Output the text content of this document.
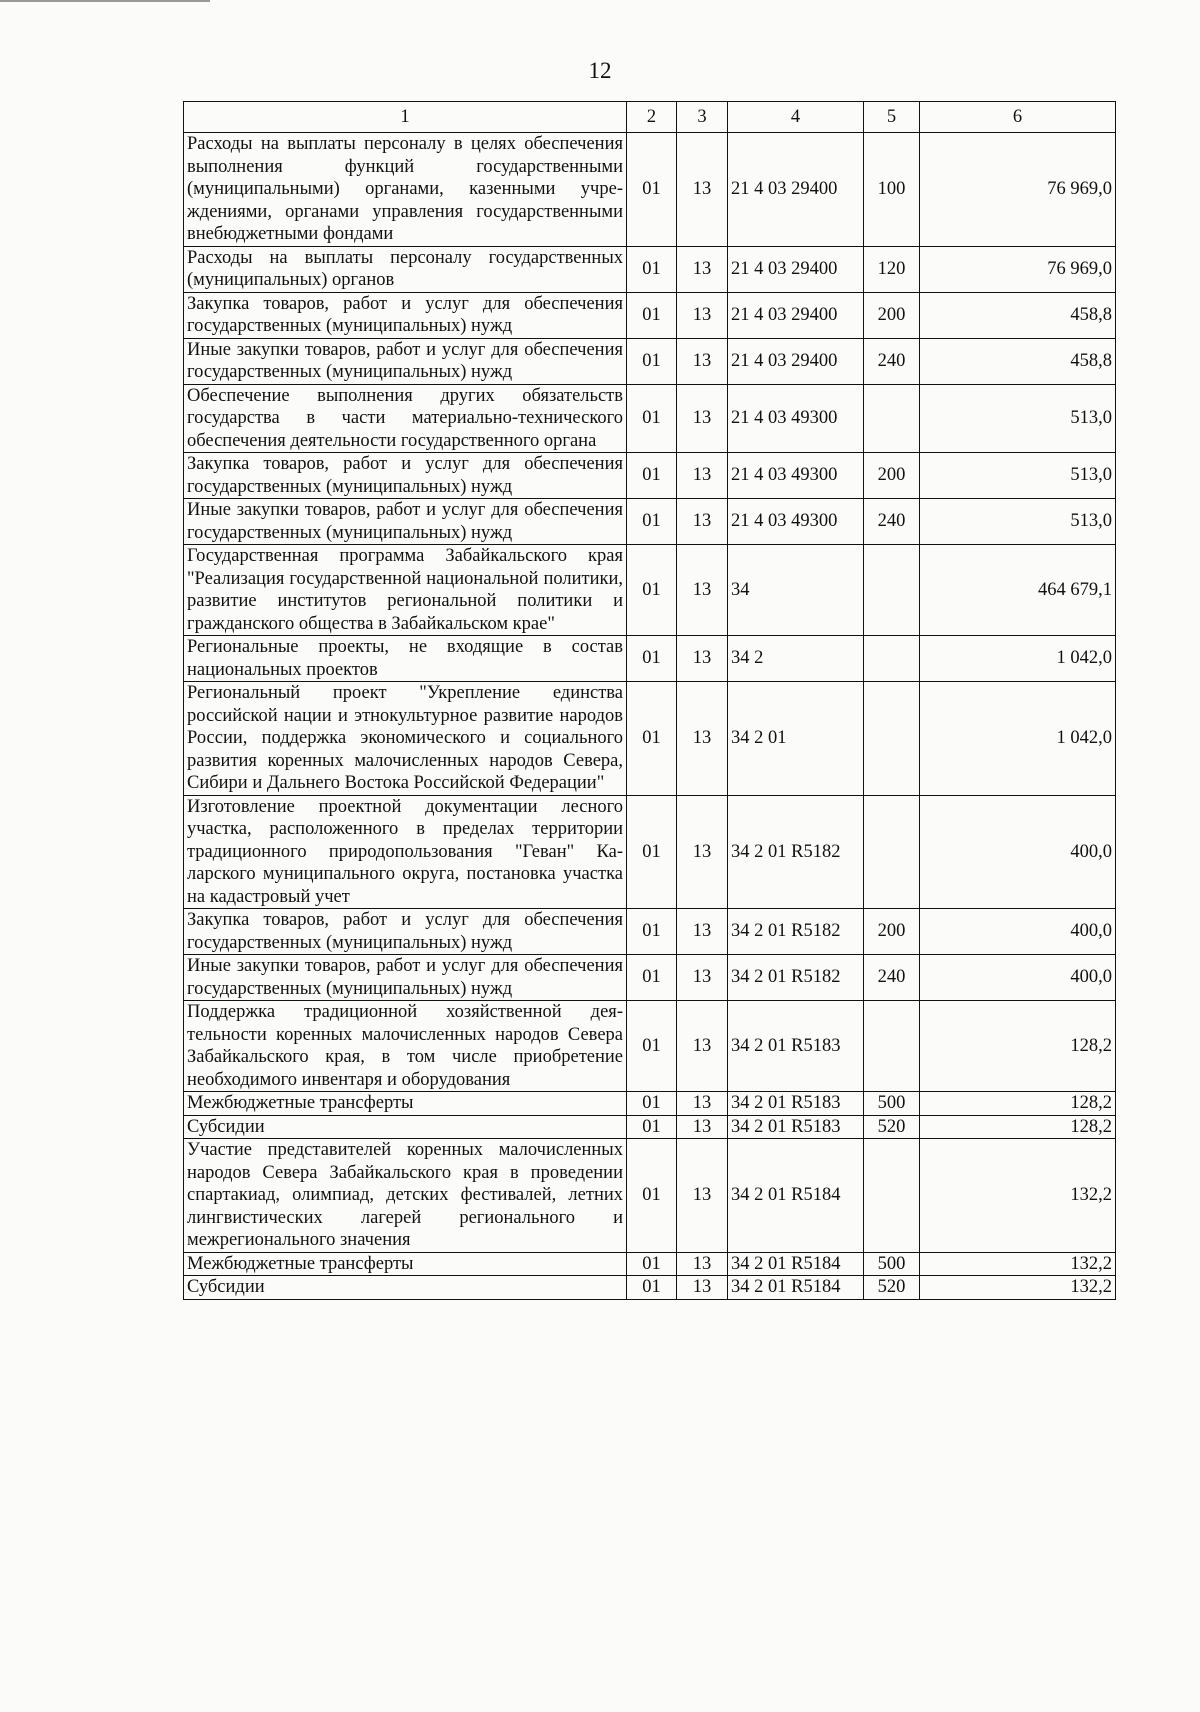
12
1	2	3	4	5	6
Расходы на выплаты персоналу в целях обеспечения выполнения функций государственными (муниципальными) органами, казенными учреждениями, органами управления государственными внебюджетными фондами	01	13	21 4 03 29400	100	76 969,0
Расходы на выплаты персоналу государственных (муниципальных) органов	01	13	21 4 03 29400	120	76 969,0
Закупка товаров, работ и услуг для обеспечения государственных (муниципальных) нужд	01	13	21 4 03 29400	200	458,8
Иные закупки товаров, работ и услуг для обеспечения государственных (муниципальных) нужд	01	13	21 4 03 29400	240	458,8
Обеспечение выполнения других обязательств государства в части материально-технического обеспечения деятельности государственного органа	01	13	21 4 03 49300		513,0
Закупка товаров, работ и услуг для обеспечения государственных (муниципальных) нужд	01	13	21 4 03 49300	200	513,0
Иные закупки товаров, работ и услуг для обеспечения государственных (муниципальных) нужд	01	13	21 4 03 49300	240	513,0
Государственная программа Забайкальского края "Реализация государственной национальной политики, развитие институтов региональной политики и гражданского общества в Забайкальском крае"	01	13	34		464 679,1
Региональные проекты, не входящие в состав национальных проектов	01	13	34 2		1 042,0
Региональный проект "Укрепление единства российской нации и этнокультурное развитие народов России, поддержка экономического и социального развития коренных малочисленных народов Севера, Сибири и Дальнего Востока Российской Федерации"	01	13	34 2 01		1 042,0
Изготовление проектной документации лесного участка, расположенного в пределах территории традиционного природопользования "Геван" Каларского муниципального округа, постановка участка на кадастровый учет	01	13	34 2 01 R5182		400,0
Закупка товаров, работ и услуг для обеспечения государственных (муниципальных) нужд	01	13	34 2 01 R5182	200	400,0
Иные закупки товаров, работ и услуг для обеспечения государственных (муниципальных) нужд	01	13	34 2 01 R5182	240	400,0
Поддержка традиционной хозяйственной деятельности коренных малочисленных народов Севера Забайкальского края, в том числе приобретение необходимого инвентаря и оборудования	01	13	34 2 01 R5183		128,2
Межбюджетные трансферты	01	13	34 2 01 R5183	500	128,2
Субсидии	01	13	34 2 01 R5183	520	128,2
Участие представителей коренных малочисленных народов Севера Забайкальского края в проведении спартакиад, олимпиад, детских фестивалей, летних лингвистических лагерей регионального и межрегионального значения	01	13	34 2 01 R5184		132,2
Межбюджетные трансферты	01	13	34 2 01 R5184	500	132,2
Субсидии	01	13	34 2 01 R5184	520	132,2
